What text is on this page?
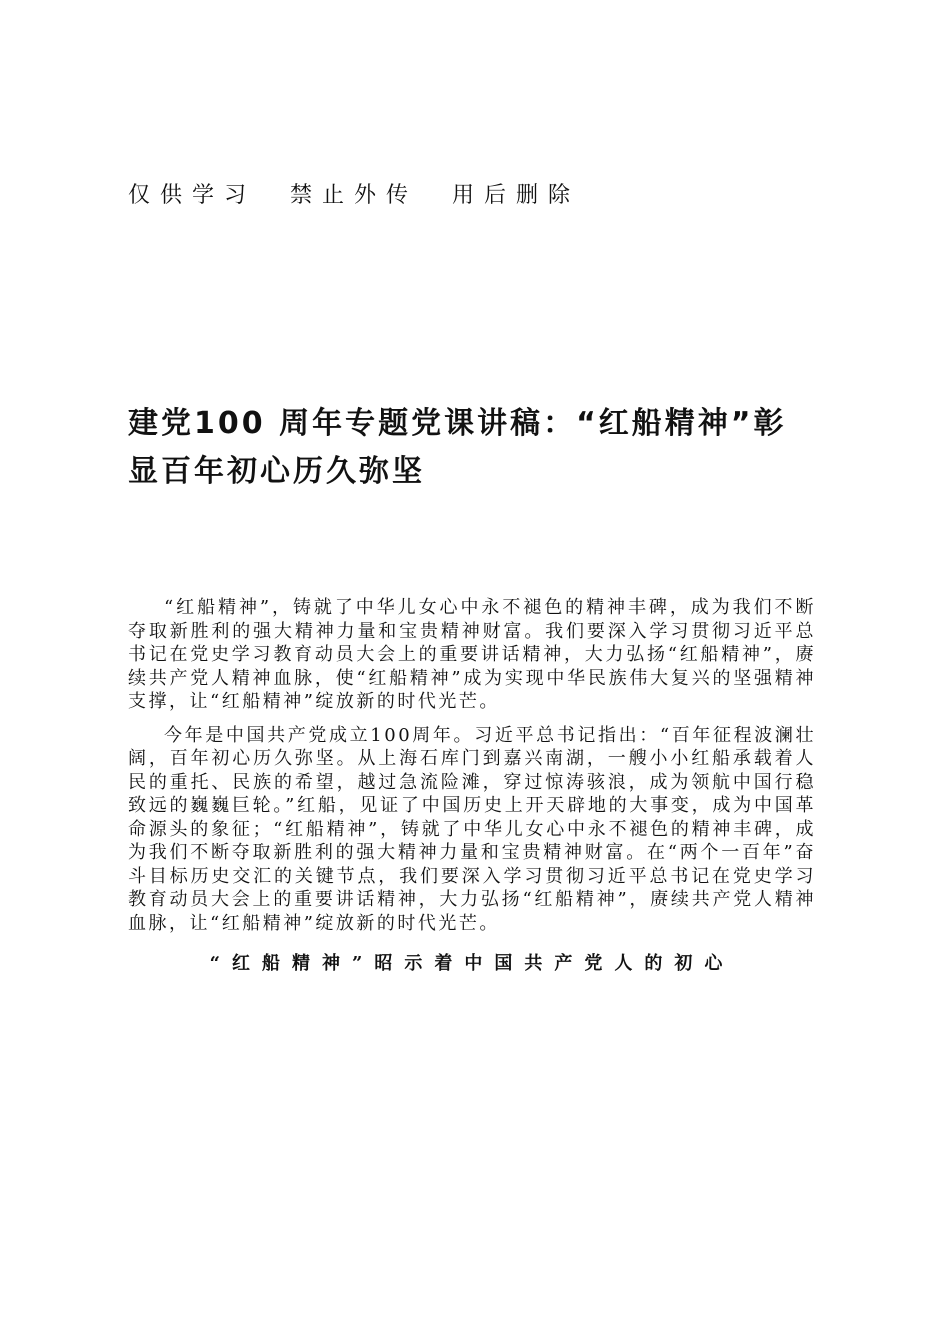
仅供学习  禁止外传  用后删除
建党100 周年专题党课讲稿：“红船精神”彰
显百年初心历久弥坚

“红船精神”，铸就了中华儿女心中永不褪色的精神丰碑，成为我们不断夺取新胜利的强大精神力量和宝贵精神财富。我们要深入学习贯彻习近平总书记在党史学习教育动员大会上的重要讲话精神，大力弘扬“红船精神”，赓续共产党人精神血脉，使“红船精神”成为实现中华民族伟大复兴的坚强精神支撑，让“红船精神”绽放新的时代光芒。

今年是中国共产党成立100周年。习近平总书记指出：“百年征程波澜壮阔，百年初心历久弥坚。从上海石库门到嘉兴南湖，一艘小小红船承载着人民的重托、民族的希望，越过急流险滩，穿过惊涛骇浪，成为领航中国行稳致远的巍巍巨轮。”红船，见证了中国历史上开天辟地的大事变，成为中国革命源头的象征；“红船精神”，铸就了中华儿女心中永不褪色的精神丰碑，成为我们不断夺取新胜利的强大精神力量和宝贵精神财富。在“两个一百年”奋斗目标历史交汇的关键节点，我们要深入学习贯彻习近平总书记在党史学习教育动员大会上的重要讲话精神，大力弘扬“红船精神”，赓续共产党人精神血脉，让“红船精神”绽放新的时代光芒。

“红船精神”昭示着中国共产党人的初心
